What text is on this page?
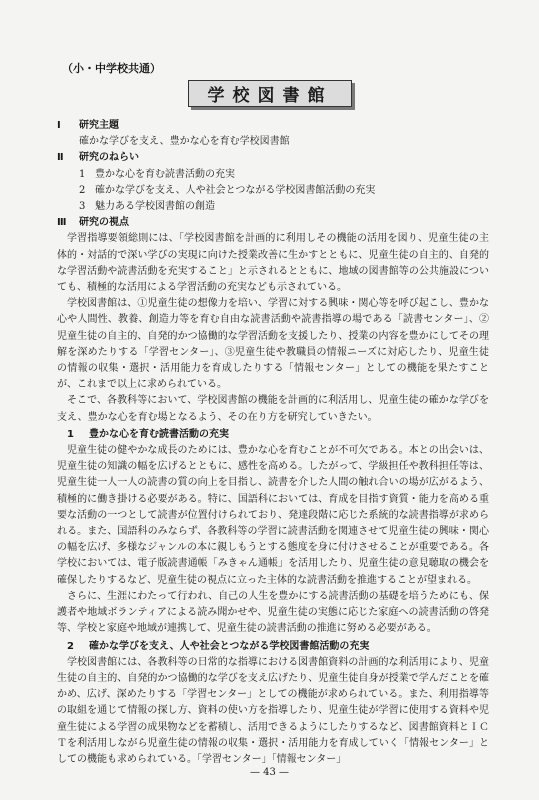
（小・中学校共通）
学校図書館
Ⅰ	研究主題
確かな学びを支え、豊かな心を育む学校図書館
Ⅱ	研究のねらい
1 豊かな心を育む読書活動の充実
2 確かな学びを支え、人や社会とつながる学校図書館活動の充実
3 魅力ある学校図書館の創造
Ⅲ	研究の視点

学習指導要領総則には、「学校図書館を計画的に利用しその機能の活用を図り、児童生徒の主体的・対話的で深い学びの実現に向けた授業改善に生かすとともに、児童生徒の自主的、自発的な学習活動や読書活動を充実すること」と示されるとともに、地域の図書館等の公共施設についても、積極的な活用による学習活動の充実なども示されている。

学校図書館は、①児童生徒の想像力を培い、学習に対する興味・関心等を呼び起こし、豊かな心や人間性、教養、創造力等を育む自由な読書活動や読書指導の場である「読書センター」、②児童生徒の自主的、自発的かつ協働的な学習活動を支援したり、授業の内容を豊かにしてその理解を深めたりする「学習センター」、③児童生徒や教職員の情報ニーズに対応したり、児童生徒の情報の収集・選択・活用能力を育成したりする「情報センター」としての機能を果たすことが、これまで以上に求められている。

そこで、各教科等において、学校図書館の機能を計画的に利活用し、児童生徒の確かな学びを支え、豊かな心を育む場となるよう、その在り方を研究していきたい。

1	豊かな心を育む読書活動の充実

児童生徒の健やかな成長のためには、豊かな心を育むことが不可欠である。本との出会いは、児童生徒の知識の幅を広げるとともに、感性を高める。したがって、学級担任や教科担任等は、児童生徒一人一人の読書の質の向上を目指し、読書を介した人間の触れ合いの場が広がるよう、積極的に働き掛ける必要がある。特に、国語科においては、育成を目指す資質・能力を高める重要な活動の一つとして読書が位置付けられており、発達段階に応じた系統的な読書指導が求められる。また、国語科のみならず、各教科等の学習に読書活動を関連させて児童生徒の興味・関心の幅を広げ、多様なジャンルの本に親しもうとする態度を身に付けさせることが重要である。各学校においては、電子版読書通帳「みきゃん通帳」を活用したり、児童生徒の意見聴取の機会を確保したりするなど、児童生徒の視点に立った主体的な読書活動を推進することが望まれる。

さらに、生涯にわたって行われ、自己の人生を豊かにする読書活動の基礎を培うためにも、保護者や地域ボランティアによる読み聞かせや、児童生徒の実態に応じた家庭への読書活動の啓発等、学校と家庭や地域が連携して、児童生徒の読書活動の推進に努める必要がある。

2	確かな学びを支え、人や社会とつながる学校図書館活動の充実

学校図書館には、各教科等の日常的な指導における図書館資料の計画的な利活用により、児童生徒の自主的、自発的かつ協働的な学びを支え広げたり、児童生徒自身が授業で学んだことを確かめ、広げ、深めたりする「学習センター」としての機能が求められている。また、利用指導等の取組を通じて情報の探し方、資料の使い方を指導したり、児童生徒が学習に使用する資料や児童生徒による学習の成果物などを蓄積し、活用できるようにしたりするなど、図書館資料とＩＣＴを利活用しながら児童生徒の情報の収集・選択・活用能力を育成していく「情報センター」としての機能も求められている。「学習センター」「情報センター」

— 43 —
